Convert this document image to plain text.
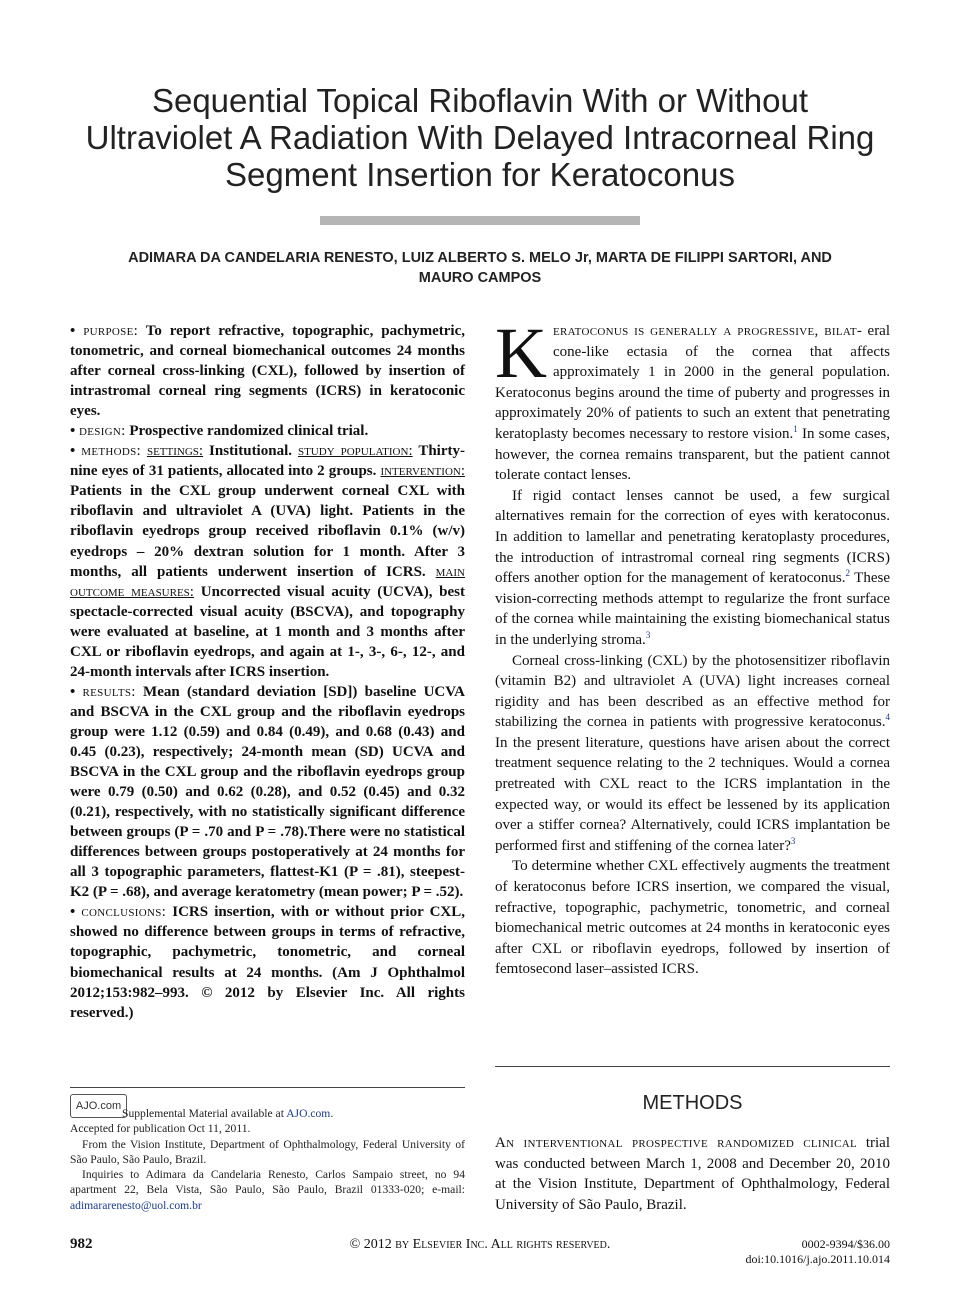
Sequential Topical Riboflavin With or Without
Ultraviolet A Radiation With Delayed Intracorneal Ring
Segment Insertion for Keratoconus
ADIMARA DA CANDELARIA RENESTO, LUIZ ALBERTO S. MELO Jr, MARTA DE FILIPPI SARTORI, AND
MAURO CAMPOS

• purpose: To report refractive, topographic, pachymetric, tonometric, and corneal biomechanical outcomes 24 months after corneal cross-linking (CXL), followed by insertion of intrastromal corneal ring segments (ICRS) in keratoconic eyes.

• design: Prospective randomized clinical trial.

• methods: settings: Institutional. study population: Thirty-nine eyes of 31 patients, allocated into 2 groups. intervention: Patients in the CXL group underwent corneal CXL with riboflavin and ultraviolet A (UVA) light. Patients in the riboflavin eyedrops group received riboflavin 0.1% (w/v) eyedrops – 20% dextran solution for 1 month. After 3 months, all patients underwent insertion of ICRS. main outcome measures: Uncorrected visual acuity (UCVA), best spectacle-corrected visual acuity (BSCVA), and topography were evaluated at baseline, at 1 month and 3 months after CXL or riboflavin eyedrops, and again at 1-, 3-, 6-, 12-, and 24-month intervals after ICRS insertion.

• results: Mean (standard deviation [SD]) baseline UCVA and BSCVA in the CXL group and the riboflavin eyedrops group were 1.12 (0.59) and 0.84 (0.49), and 0.68 (0.43) and 0.45 (0.23), respectively; 24-month mean (SD) UCVA and BSCVA in the CXL group and the riboflavin eyedrops group were 0.79 (0.50) and 0.62 (0.28), and 0.52 (0.45) and 0.32 (0.21), respectively, with no statistically significant difference between groups (P = .70 and P = .78).There were no statistical differences between groups postoperatively at 24 months for all 3 topographic parameters, flattest-K1 (P = .81), steepest-K2 (P = .68), and average keratometry (mean power; P = .52).

• conclusions: ICRS insertion, with or without prior CXL, showed no difference between groups in terms of refractive, topographic, pachymetric, tonometric, and corneal biomechanical results at 24 months. (Am J Ophthalmol 2012;153:982–993. © 2012 by Elsevier Inc. All rights reserved.)

AJO.com

Supplemental Material available at AJO.com.

Accepted for publication Oct 11, 2011.

From the Vision Institute, Department of Ophthalmology, Federal University of São Paulo, São Paulo, Brazil.

Inquiries to Adimara da Candelaria Renesto, Carlos Sampaio street, no 94 apartment 22, Bela Vista, São Paulo, São Paulo, Brazil 01333-020; e-mail: adimararenesto@uol.com.br

Keratoconus is generally a progressive, bilat- eral cone-like ectasia of the cornea that affects approximately 1 in 2000 in the general population. Keratoconus begins around the time of puberty and progresses in approximately 20% of patients to such an extent that penetrating keratoplasty becomes necessary to restore vision.$^1$ In some cases, however, the cornea remains transparent, but the patient cannot tolerate contact lenses.

If rigid contact lenses cannot be used, a few surgical alternatives remain for the correction of eyes with keratoconus. In addition to lamellar and penetrating keratoplasty procedures, the introduction of intrastromal corneal ring segments (ICRS) offers another option for the management of keratoconus.$^2$ These vision-correcting methods attempt to regularize the front surface of the cornea while maintaining the existing biomechanical status in the underlying stroma.$^3$

Corneal cross-linking (CXL) by the photosensitizer riboflavin (vitamin B2) and ultraviolet A (UVA) light increases corneal rigidity and has been described as an effective method for stabilizing the cornea in patients with progressive keratoconus.$^4$ In the present literature, questions have arisen about the correct treatment sequence relating to the 2 techniques. Would a cornea pretreated with CXL react to the ICRS implantation in the expected way, or would its effect be lessened by its application over a stiffer cornea? Alternatively, could ICRS implantation be performed first and stiffening of the cornea later?$^3$

To determine whether CXL effectively augments the treatment of keratoconus before ICRS insertion, we compared the visual, refractive, topographic, pachymetric, tonometric, and corneal biomechanical metric outcomes at 24 months in keratoconic eyes after CXL or riboflavin eyedrops, followed by insertion of femtosecond laser–assisted ICRS.

METHODS
An interventional prospective randomized clinical trial was conducted between March 1, 2008 and December 20, 2010 at the Vision Institute, Department of Ophthalmology, Federal University of São Paulo, Brazil.
982	© 2012 by Elsevier Inc. All rights reserved.	0002-9394/$36.00
doi:10.1016/j.ajo.2011.10.014
